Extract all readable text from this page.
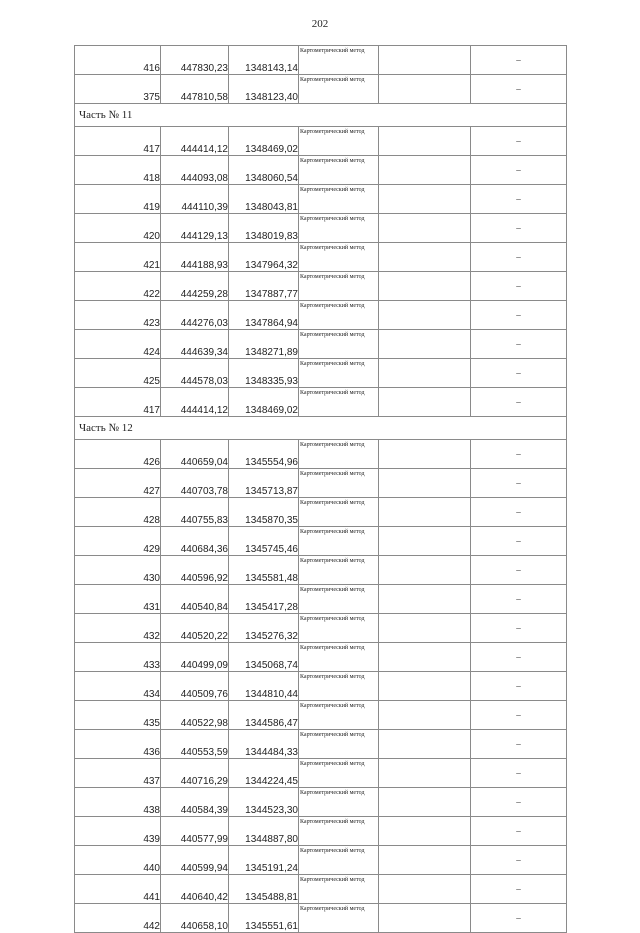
202
416	447830,23	1348143,14	Картометрический метод		–
375	447810,58	1348123,40	Картометрический метод		–
Часть № 11					
417	444414,12	1348469,02	Картометрический метод		–
418	444093,08	1348060,54	Картометрический метод		–
419	444110,39	1348043,81	Картометрический метод		–
420	444129,13	1348019,83	Картометрический метод		–
421	444188,93	1347964,32	Картометрический метод		–
422	444259,28	1347887,77	Картометрический метод		–
423	444276,03	1347864,94	Картометрический метод		–
424	444639,34	1348271,89	Картометрический метод		–
425	444578,03	1348335,93	Картометрический метод		–
417	444414,12	1348469,02	Картометрический метод		–
Часть № 12					
426	440659,04	1345554,96	Картометрический метод		–
427	440703,78	1345713,87	Картометрический метод		–
428	440755,83	1345870,35	Картометрический метод		–
429	440684,36	1345745,46	Картометрический метод		–
430	440596,92	1345581,48	Картометрический метод		–
431	440540,84	1345417,28	Картометрический метод		–
432	440520,22	1345276,32	Картометрический метод		–
433	440499,09	1345068,74	Картометрический метод		–
434	440509,76	1344810,44	Картометрический метод		–
435	440522,98	1344586,47	Картометрический метод		–
436	440553,59	1344484,33	Картометрический метод		–
437	440716,29	1344224,45	Картометрический метод		–
438	440584,39	1344523,30	Картометрический метод		–
439	440577,99	1344887,80	Картометрический метод		–
440	440599,94	1345191,24	Картометрический метод		–
441	440640,42	1345488,81	Картометрический метод		–
442	440658,10	1345551,61	Картометрический метод		–
